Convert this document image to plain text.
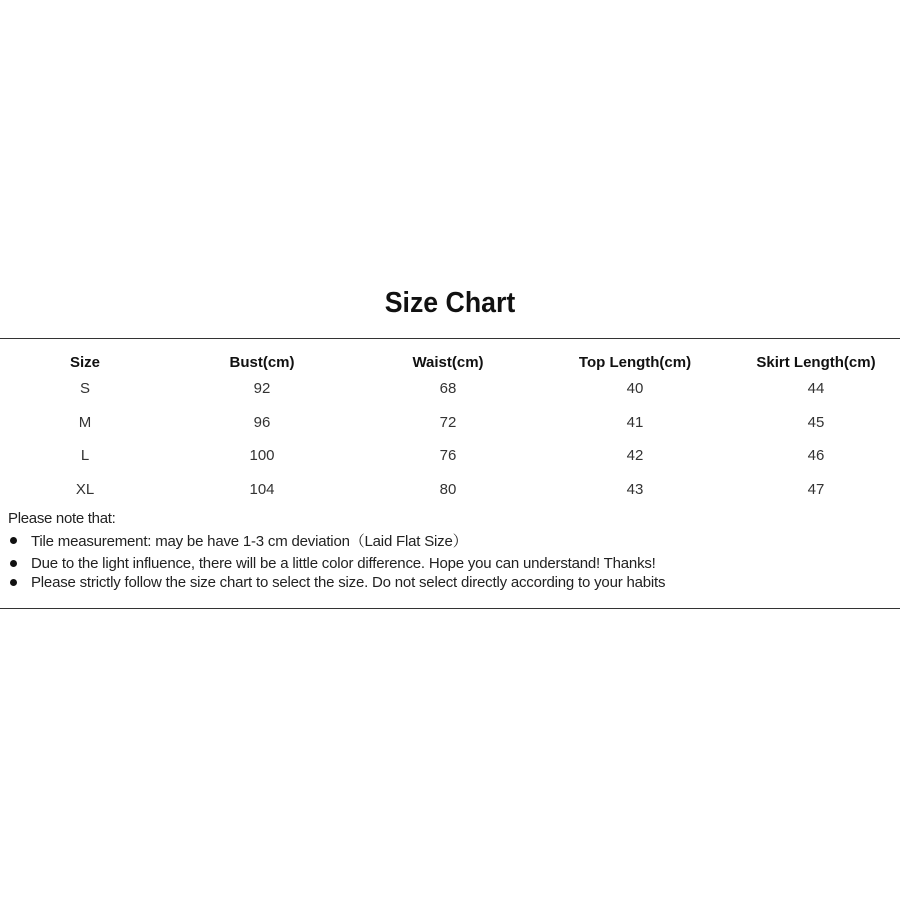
Size Chart
Size	Bust(cm)	Waist(cm)	Top Length(cm)	Skirt Length(cm)
S	92	68	40	44
M	96	72	41	45
L	100	76	42	46
XL	104	80	43	47
Please note that:
Tile measurement: may be have 1-3 cm deviation（Laid Flat Size）
Due to the light influence, there will be a little color difference. Hope you can understand! Thanks!
Please strictly follow the size chart to select the size. Do not select directly according to your habits
